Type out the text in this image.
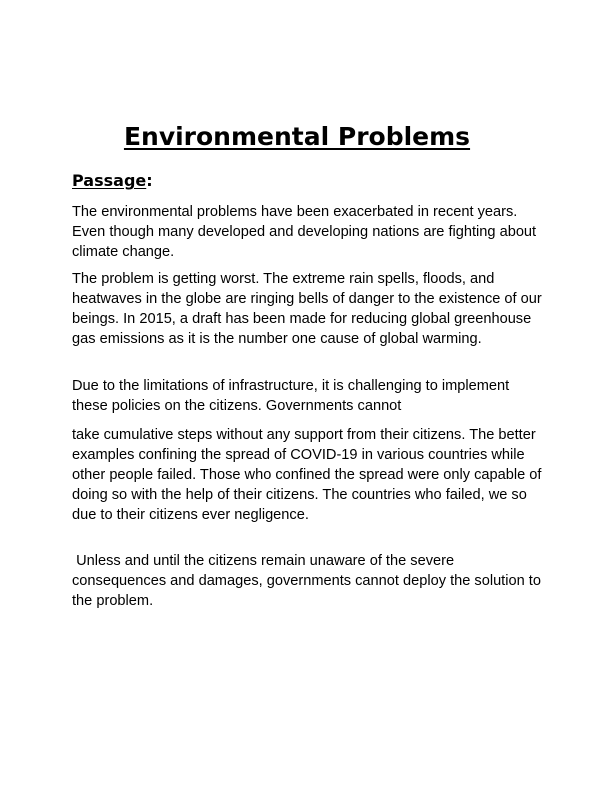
Environmental Problems
Passage:

The environmental problems have been exacerbated in recent years. Even though many developed and developing nations are fighting about climate change.

The problem is getting worst. The extreme rain spells, floods, and heatwaves in the globe are ringing bells of danger to the existence of our beings. In 2015, a draft has been made for reducing global greenhouse gas emissions as it is the number one cause of global warming.

Due to the limitations of infrastructure, it is challenging to implement these policies on the citizens. Governments cannot

take cumulative steps without any support from their citizens. The better examples confining the spread of COVID-19 in various countries while other people failed. Those who confined the spread were only capable of doing so with the help of their citizens. The countries who failed, we so due to their citizens ever negligence.

Unless and until the citizens remain unaware of the severe consequences and damages, governments cannot deploy the solution to the problem.
